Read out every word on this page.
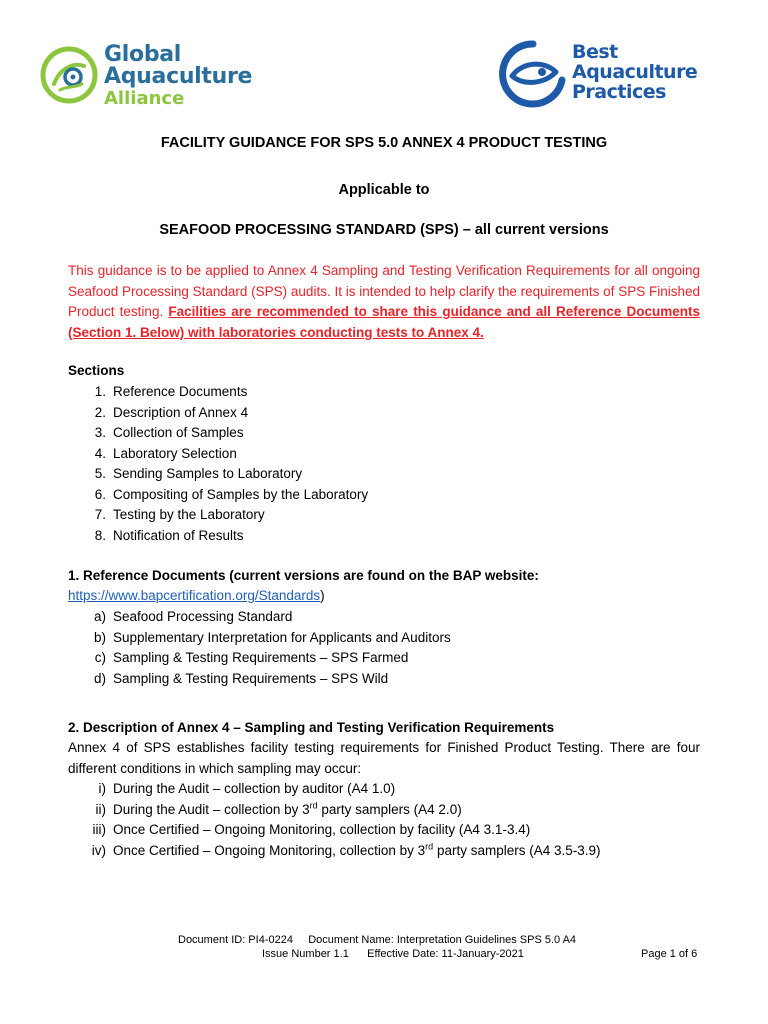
Global
Aquaculture
Alliance
Best
Aquaculture
Practices
FACILITY GUIDANCE FOR SPS 5.0 ANNEX 4 PRODUCT TESTING
Applicable to
SEAFOOD PROCESSING STANDARD (SPS) – all current versions
This guidance is to be applied to Annex 4 Sampling and Testing Verification Requirements for all ongoing Seafood Processing Standard (SPS) audits. It is intended to help clarify the requirements of SPS Finished Product testing. Facilities are recommended to share this guidance and all Reference Documents (Section 1. Below) with laboratories conducting tests to Annex 4.
Sections
1. Reference Documents
2. Description of Annex 4
3. Collection of Samples
4. Laboratory Selection
5. Sending Samples to Laboratory
6. Compositing of Samples by the Laboratory
7. Testing by the Laboratory
8. Notification of Results
1. Reference Documents (current versions are found on the BAP website:
https://www.bapcertification.org/Standards)
a) Seafood Processing Standard
b) Supplementary Interpretation for Applicants and Auditors
c) Sampling & Testing Requirements – SPS Farmed
d) Sampling & Testing Requirements – SPS Wild
2. Description of Annex 4 – Sampling and Testing Verification Requirements
Annex 4 of SPS establishes facility testing requirements for Finished Product Testing. There are four different conditions in which sampling may occur:
i) During the Audit – collection by auditor (A4 1.0)
ii) During the Audit – collection by 3rd party samplers (A4 2.0)
iii) Once Certified – Ongoing Monitoring, collection by facility (A4 3.1-3.4)
iv) Once Certified – Ongoing Monitoring, collection by 3rd party samplers (A4 3.5-3.9)
Document ID: PI4-0224     Document Name: Interpretation Guidelines SPS 5.0 A4
Issue Number 1.1      Effective Date: 11-January-2021	Page 1 of 6
